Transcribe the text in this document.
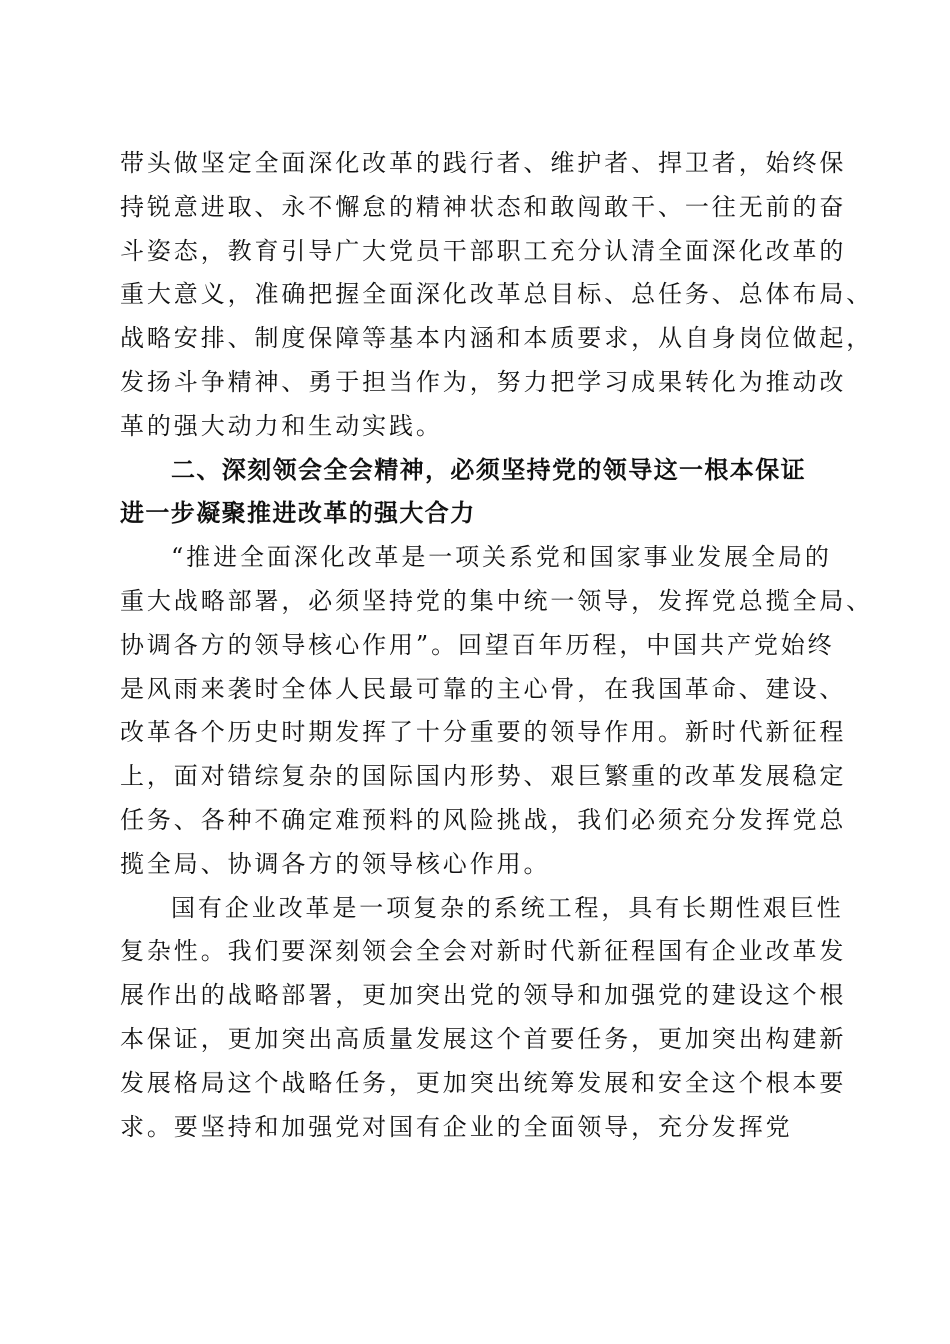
带头做坚定全面深化改革的践行者、维护者、捍卫者，始终保
持锐意进取、永不懈怠的精神状态和敢闯敢干、一往无前的奋
斗姿态，教育引导广大党员干部职工充分认清全面深化改革的
重大意义，准确把握全面深化改革总目标、总任务、总体布局、
战略安排、制度保障等基本内涵和本质要求，从自身岗位做起，
发扬斗争精神、勇于担当作为，努力把学习成果转化为推动改
革的强大动力和生动实践。
二、深刻领会全会精神，必须坚持党的领导这一根本保证
进一步凝聚推进改革的强大合力
“推进全面深化改革是一项关系党和国家事业发展全局的
重大战略部署，必须坚持党的集中统一领导，发挥党总揽全局、
协调各方的领导核心作用”。回望百年历程，中国共产党始终
是风雨来袭时全体人民最可靠的主心骨，在我国革命、建设、
改革各个历史时期发挥了十分重要的领导作用。新时代新征程
上，面对错综复杂的国际国内形势、艰巨繁重的改革发展稳定
任务、各种不确定难预料的风险挑战，我们必须充分发挥党总
揽全局、协调各方的领导核心作用。
国有企业改革是一项复杂的系统工程，具有长期性艰巨性
复杂性。我们要深刻领会全会对新时代新征程国有企业改革发
展作出的战略部署，更加突出党的领导和加强党的建设这个根
本保证，更加突出高质量发展这个首要任务，更加突出构建新
发展格局这个战略任务，更加突出统筹发展和安全这个根本要
求。要坚持和加强党对国有企业的全面领导，充分发挥党
